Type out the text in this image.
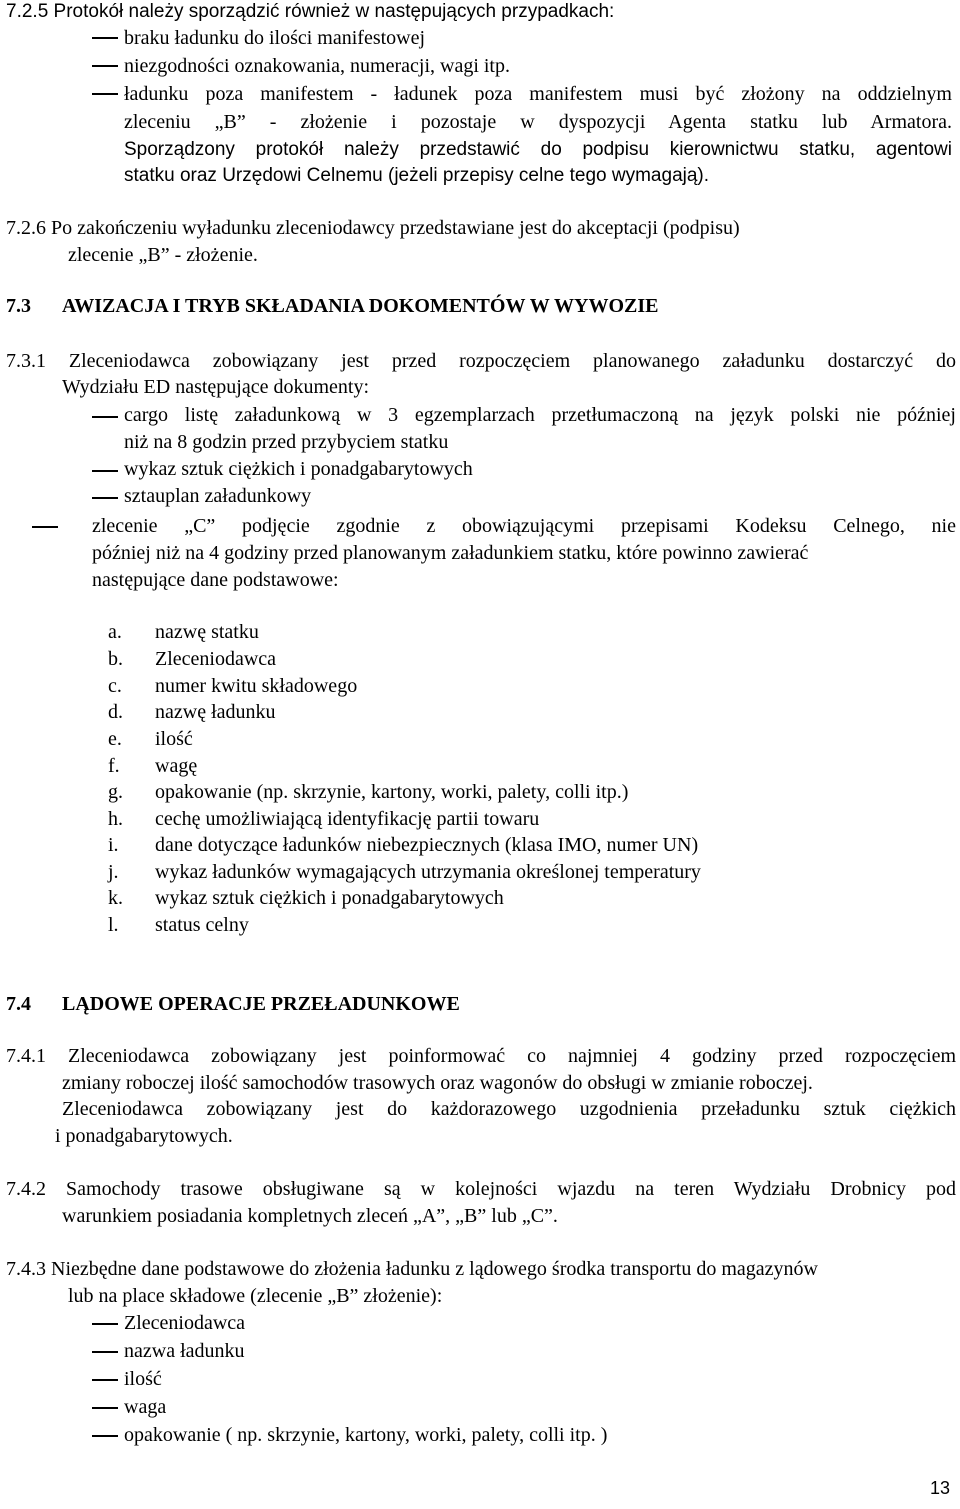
7.2.5 Protokół należy sporządzić również w następujących przypadkach:
braku ładunku do ilości manifestowej
niezgodności oznakowania, numeracji, wagi itp.
ładunku poza manifestem - ładunek poza manifestem musi być złożony na oddzielnym
zleceniu „B” - złożenie i pozostaje w dyspozycji Agenta statku lub Armatora.
Sporządzony protokół należy przedstawić do podpisu kierownictwu statku, agentowi
statku oraz Urzędowi Celnemu (jeżeli przepisy celne tego wymagają).
7.2.6 Po zakończeniu wyładunku zleceniodawcy przedstawiane jest do akceptacji (podpisu)
zlecenie „B” - złożenie.
7.3 AWIZACJA I TRYB SKŁADANIA DOKOMENTÓW W WYWOZIE
7.3.1 Zleceniodawca zobowiązany jest przed rozpoczęciem planowanego załadunku dostarczyć do
Wydziału ED następujące dokumenty:
cargo listę załadunkową w 3 egzemplarzach przetłumaczoną na język polski nie później
niż na 8 godzin przed przybyciem statku
wykaz sztuk ciężkich i ponadgabarytowych
sztauplan załadunkowy
zlecenie „C” podjęcie zgodnie z obowiązującymi przepisami Kodeksu Celnego, nie
później niż na 4 godziny przed planowanym załadunkiem statku, które powinno zawierać
następujące dane podstawowe:
a. nazwę statku
b. Zleceniodawca
c. numer kwitu składowego
d. nazwę ładunku
e. ilość
f. wagę
g. opakowanie (np. skrzynie, kartony, worki, palety, colli itp.)
h. cechę umożliwiającą identyfikację partii towaru
i. dane dotyczące ładunków niebezpiecznych (klasa IMO, numer UN)
j. wykaz ładunków wymagających utrzymania określonej temperatury
k. wykaz sztuk ciężkich i ponadgabarytowych
l. status celny
7.4 LĄDOWE OPERACJE PRZEŁADUNKOWE
7.4.1 Zleceniodawca zobowiązany jest poinformować co najmniej 4 godziny przed rozpoczęciem
zmiany roboczej ilość samochodów trasowych oraz wagonów do obsługi w zmianie roboczej.
Zleceniodawca zobowiązany jest do każdorazowego uzgodnienia przeładunku sztuk ciężkich
i ponadgabarytowych.
7.4.2 Samochody trasowe obsługiwane są w kolejności wjazdu na teren Wydziału Drobnicy pod
warunkiem posiadania kompletnych zleceń „A”, „B” lub „C”.
7.4.3 Niezbędne dane podstawowe do złożenia ładunku z lądowego środka transportu do magazynów
lub na place składowe (zlecenie „B” złożenie):
Zleceniodawca
nazwa ładunku
ilość
waga
opakowanie ( np. skrzynie, kartony, worki, palety, colli itp. )
13
